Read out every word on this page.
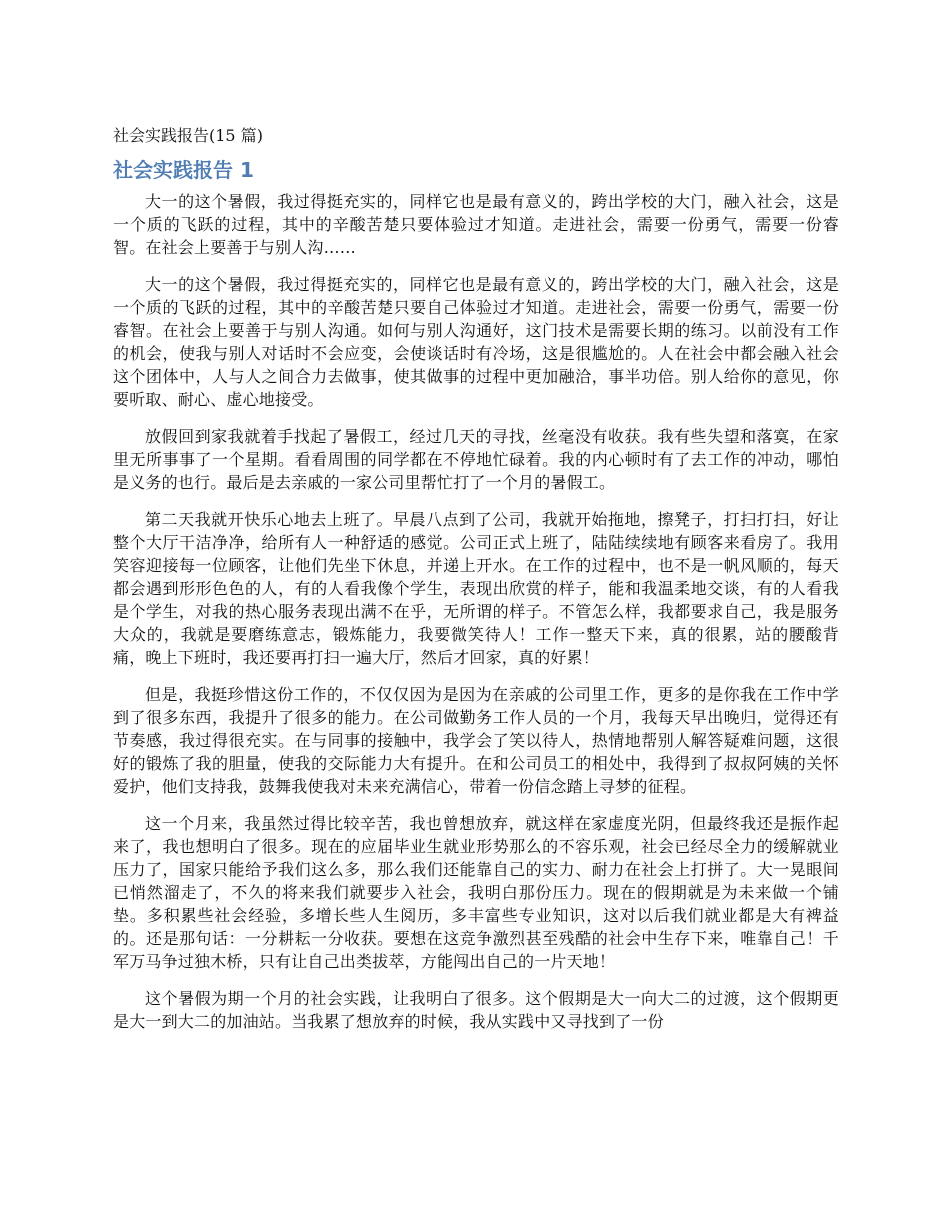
社会实践报告(15 篇)
社会实践报告 1

大一的这个暑假，我过得挺充实的，同样它也是最有意义的，跨出学校的大门，融入社会，这是一个质的飞跃的过程，其中的辛酸苦楚只要体验过才知道。走进社会，需要一份勇气，需要一份睿智。在社会上要善于与别人沟……

大一的这个暑假，我过得挺充实的，同样它也是最有意义的，跨出学校的大门，融入社会，这是一个质的飞跃的过程，其中的辛酸苦楚只要自己体验过才知道。走进社会，需要一份勇气，需要一份睿智。在社会上要善于与别人沟通。如何与别人沟通好，这门技术是需要长期的练习。以前没有工作的机会，使我与别人对话时不会应变，会使谈话时有冷场，这是很尴尬的。人在社会中都会融入社会这个团体中，人与人之间合力去做事，使其做事的过程中更加融洽，事半功倍。别人给你的意见，你要听取、耐心、虚心地接受。

放假回到家我就着手找起了暑假工，经过几天的寻找，丝毫没有收获。我有些失望和落寞，在家里无所事事了一个星期。看看周围的同学都在不停地忙碌着。我的内心顿时有了去工作的冲动，哪怕是义务的也行。最后是去亲戚的一家公司里帮忙打了一个月的暑假工。

第二天我就开快乐心地去上班了。早晨八点到了公司，我就开始拖地，擦凳子，打扫打扫，好让整个大厅干洁净净，给所有人一种舒适的感觉。公司正式上班了，陆陆续续地有顾客来看房了。我用笑容迎接每一位顾客，让他们先坐下休息，并递上开水。在工作的过程中，也不是一帆风顺的，每天都会遇到形形色色的人，有的人看我像个学生，表现出欣赏的样子，能和我温柔地交谈，有的人看我是个学生，对我的热心服务表现出满不在乎，无所谓的样子。不管怎么样，我都要求自己，我是服务大众的，我就是要磨练意志，锻炼能力，我要微笑待人！工作一整天下来，真的很累，站的腰酸背痛，晚上下班时，我还要再打扫一遍大厅，然后才回家，真的好累！

但是，我挺珍惜这份工作的，不仅仅因为是因为在亲戚的公司里工作，更多的是你我在工作中学到了很多东西，我提升了很多的能力。在公司做勤务工作人员的一个月，我每天早出晚归，觉得还有节奏感，我过得很充实。在与同事的接触中，我学会了笑以待人，热情地帮别人解答疑难问题，这很好的锻炼了我的胆量，使我的交际能力大有提升。在和公司员工的相处中，我得到了叔叔阿姨的关怀爱护，他们支持我，鼓舞我使我对未来充满信心，带着一份信念踏上寻梦的征程。

这一个月来，我虽然过得比较辛苦，我也曾想放弃，就这样在家虚度光阴，但最终我还是振作起来了，我也想明白了很多。现在的应届毕业生就业形势那么的不容乐观，社会已经尽全力的缓解就业压力了，国家只能给予我们这么多，那么我们还能靠自己的实力、耐力在社会上打拼了。大一晃眼间已悄然溜走了，不久的将来我们就要步入社会，我明白那份压力。现在的假期就是为未来做一个铺垫。多积累些社会经验，多增长些人生阅历，多丰富些专业知识，这对以后我们就业都是大有裨益的。还是那句话：一分耕耘一分收获。要想在这竞争激烈甚至残酷的社会中生存下来，唯靠自己！千军万马争过独木桥，只有让自己出类拔萃，方能闯出自己的一片天地！

这个暑假为期一个月的社会实践，让我明白了很多。这个假期是大一向大二的过渡，这个假期更是大一到大二的加油站。当我累了想放弃的时候，我从实践中又寻找到了一份
